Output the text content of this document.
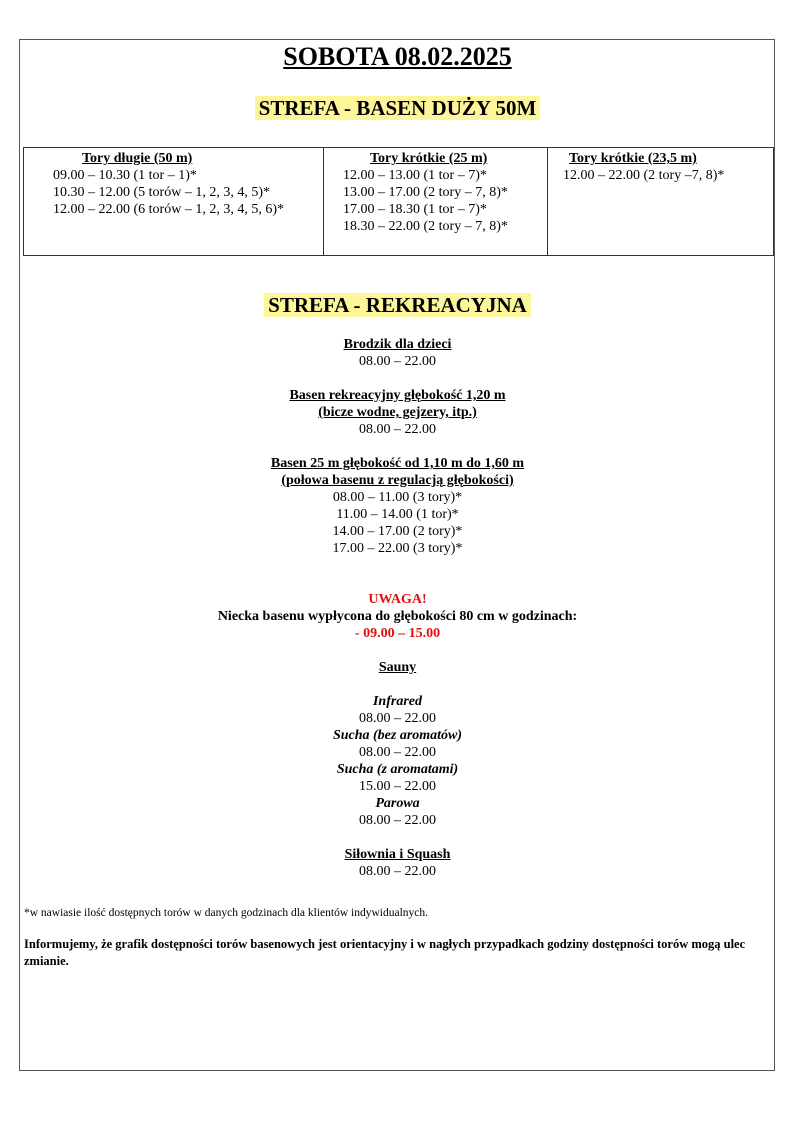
SOBOTA 08.02.2025
STREFA - BASEN DUŻY 50M
Tory długie (50 m)
09.00 – 10.30 (1 tor – 1)*
10.30 – 12.00 (5 torów – 1, 2, 3, 4, 5)*
12.00 – 22.00 (6 torów – 1, 2, 3, 4, 5, 6)*

Tory krótkie (25 m)
12.00 – 13.00 (1 tor – 7)*
13.00 – 17.00 (2 tory – 7, 8)*
17.00 – 18.30 (1 tor – 7)*
18.30 – 22.00 (2 tory – 7, 8)*

Tory krótkie (23,5 m)
12.00 – 22.00 (2 tory –7, 8)*
STREFA - REKREACYJNA
Brodzik dla dzieci
08.00 – 22.00
Basen rekreacyjny głębokość 1,20 m
(bicze wodne, gejzery, itp.)
08.00 – 22.00
Basen 25 m głębokość od 1,10 m do 1,60 m
(połowa basenu z regulacją głębokości)
08.00 – 11.00 (3 tory)*
11.00 – 14.00 (1 tor)*
14.00 – 17.00 (2 tory)*
17.00 – 22.00 (3 tory)*
UWAGA!
Niecka basenu wypłycona do głębokości 80 cm w godzinach:
- 09.00 – 15.00
Sauny
Infrared
08.00 – 22.00
Sucha (bez aromatów)
08.00 – 22.00
Sucha (z aromatami)
15.00 – 22.00
Parowa
08.00 – 22.00
Siłownia i Squash
08.00 – 22.00
*w nawiasie ilość dostępnych torów w danych godzinach dla klientów indywidualnych.
Informujemy, że grafik dostępności torów basenowych jest orientacyjny i w nagłych przypadkach godziny dostępności torów mogą ulec zmianie.
